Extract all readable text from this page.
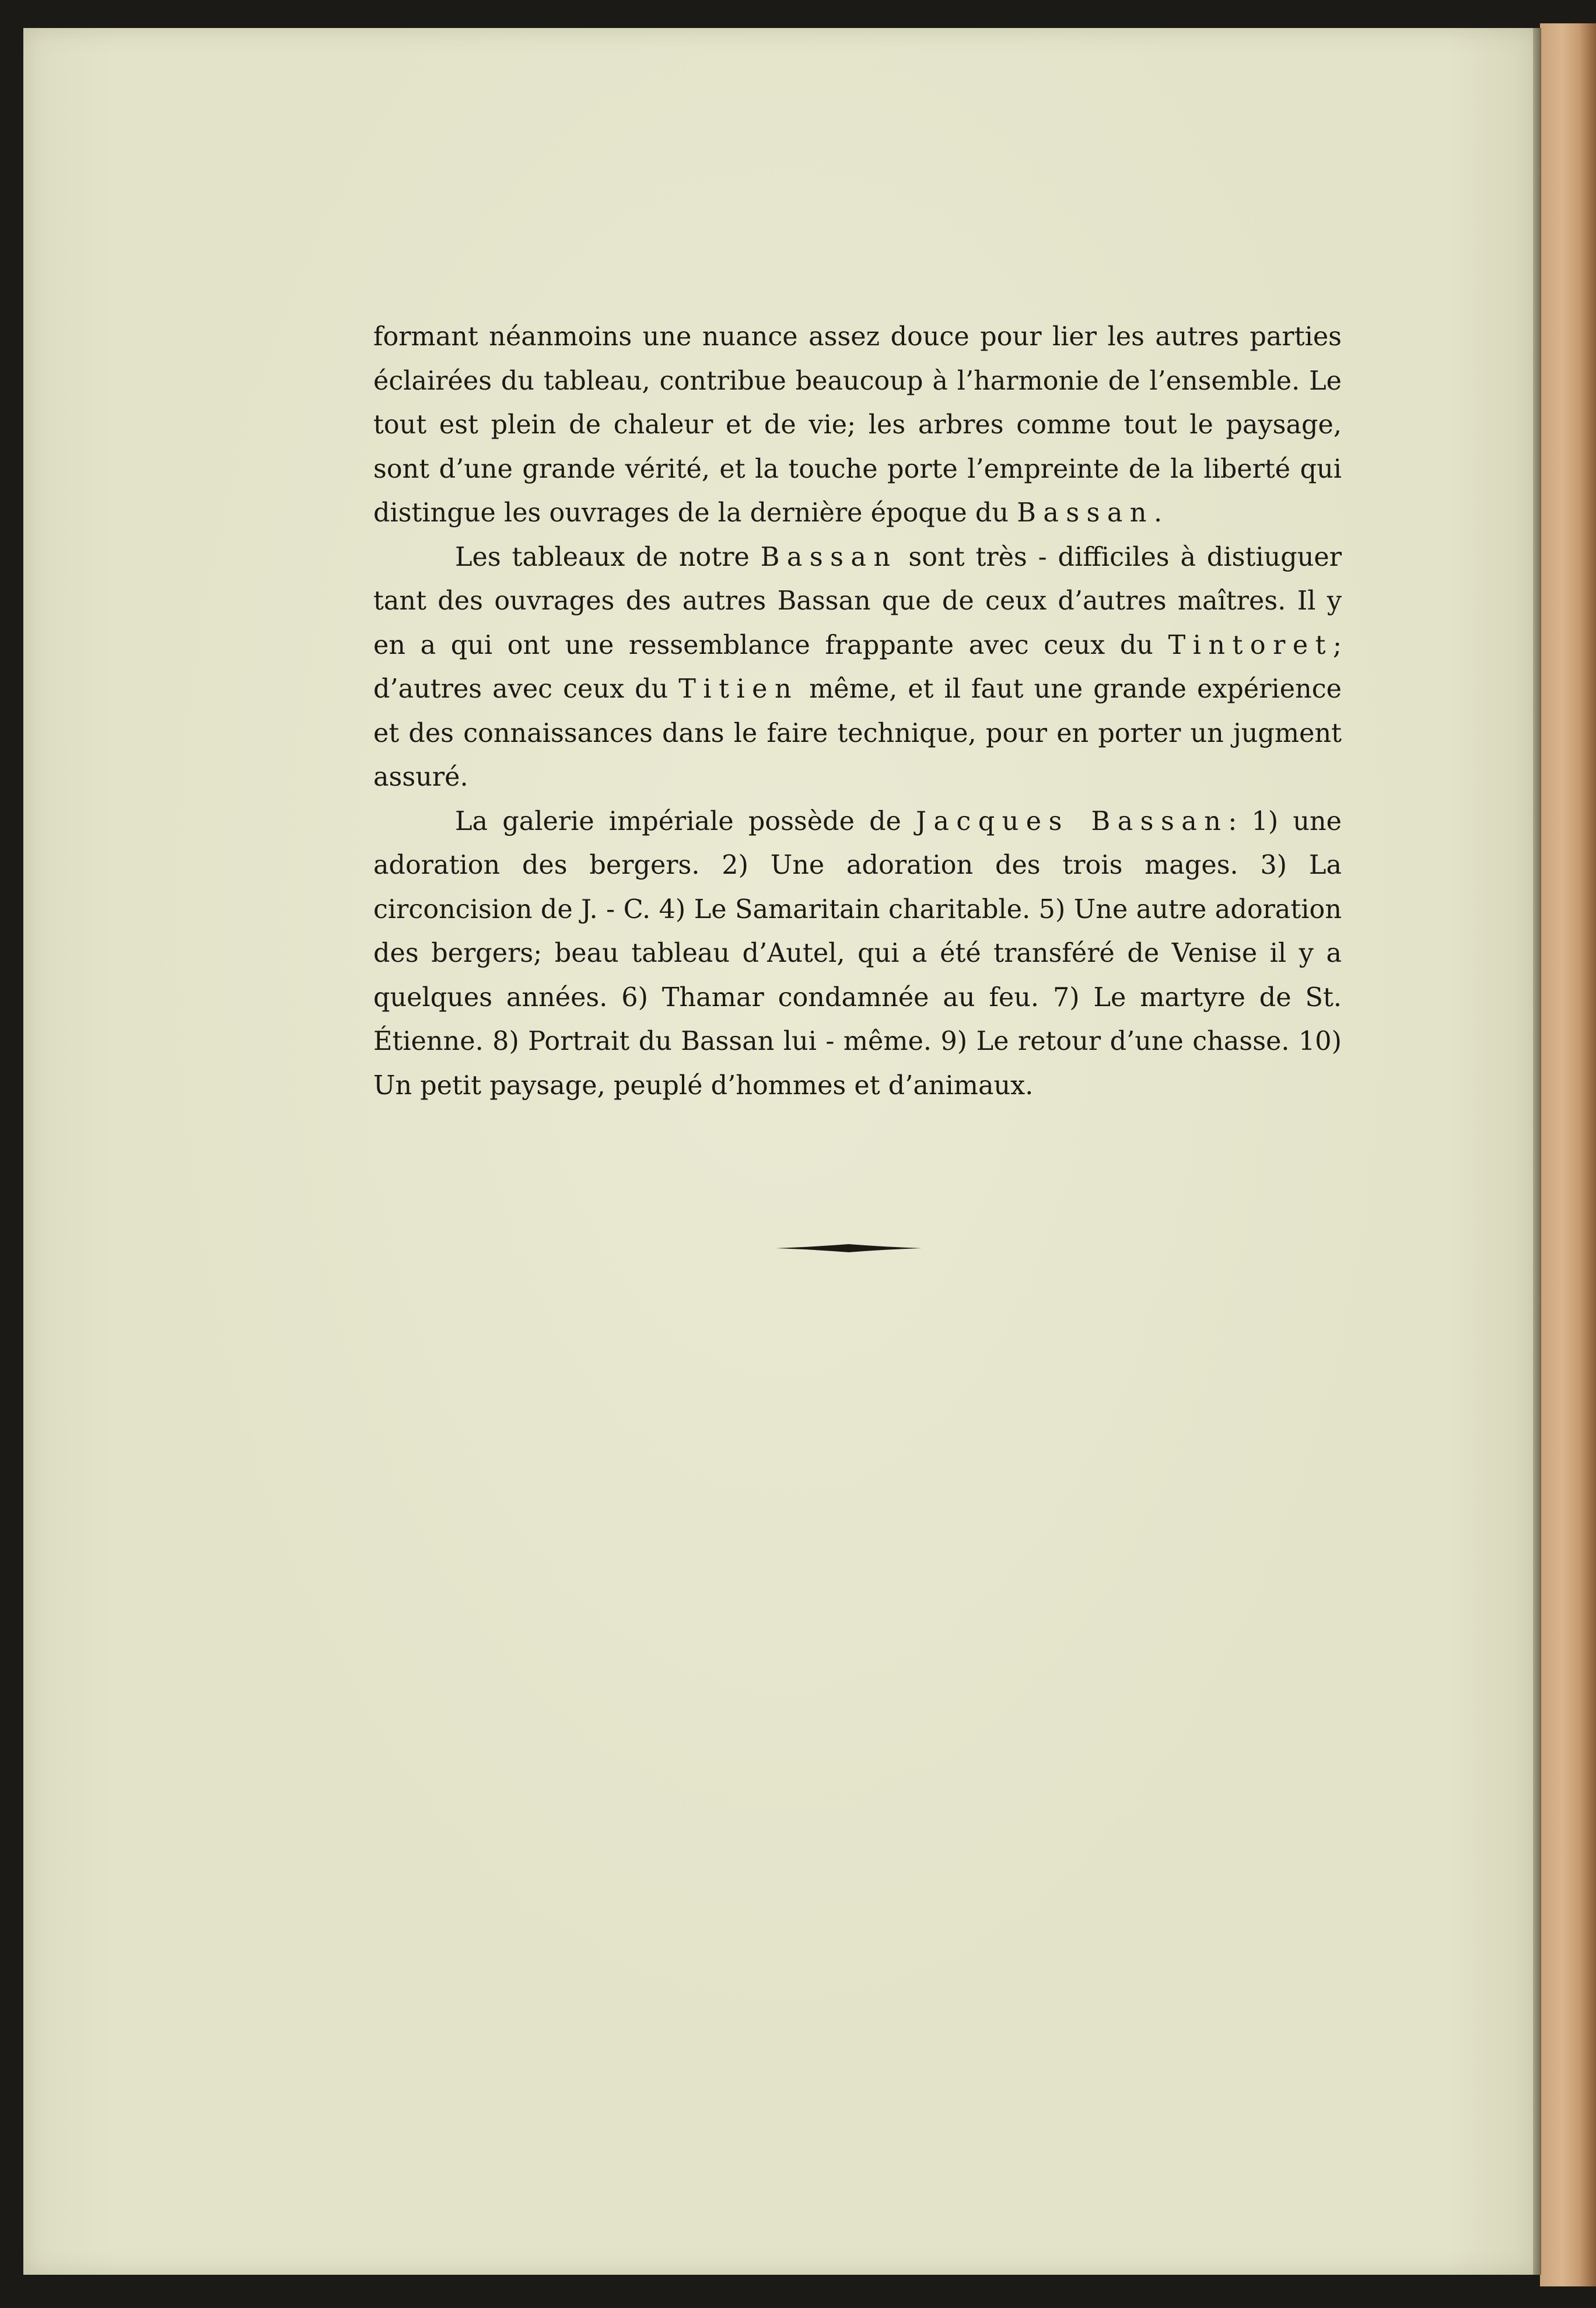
formant néanmoins une nuance assez douce pour lier les autres parties éclairées du tableau, contribue beaucoup à l’harmonie de l’ensemble. Le tout est plein de chaleur et de vie; les arbres comme tout le paysage, sont d’une grande vérité, et la touche porte l’empreinte de la liberté qui distingue les ouvrages de la dernière époque du Bassan.

Les tableaux de notre Bassan sont très - difficiles à distiuguer tant des ouvrages des autres Bassan que de ceux d’autres maîtres. Il y en a qui ont une ressemblance frappante avec ceux du Tintoret; d’autres avec ceux du Titien même, et il faut une grande expérience et des connaissances dans le faire technique, pour en porter un jugment assuré.

La galerie impériale possède de Jacques Bassan: 1) une adoration des bergers. 2) Une adoration des trois mages. 3) La circoncision de J. - C. 4) Le Samaritain charitable. 5) Une autre adoration des bergers; beau tableau d’Autel, qui a été transféré de Venise il y a quelques années. 6) Thamar condamnée au feu. 7) Le martyre de St. Étienne. 8) Portrait du Bassan lui - même. 9) Le retour d’une chasse. 10) Un petit paysage, peuplé d’hommes et d’animaux.
